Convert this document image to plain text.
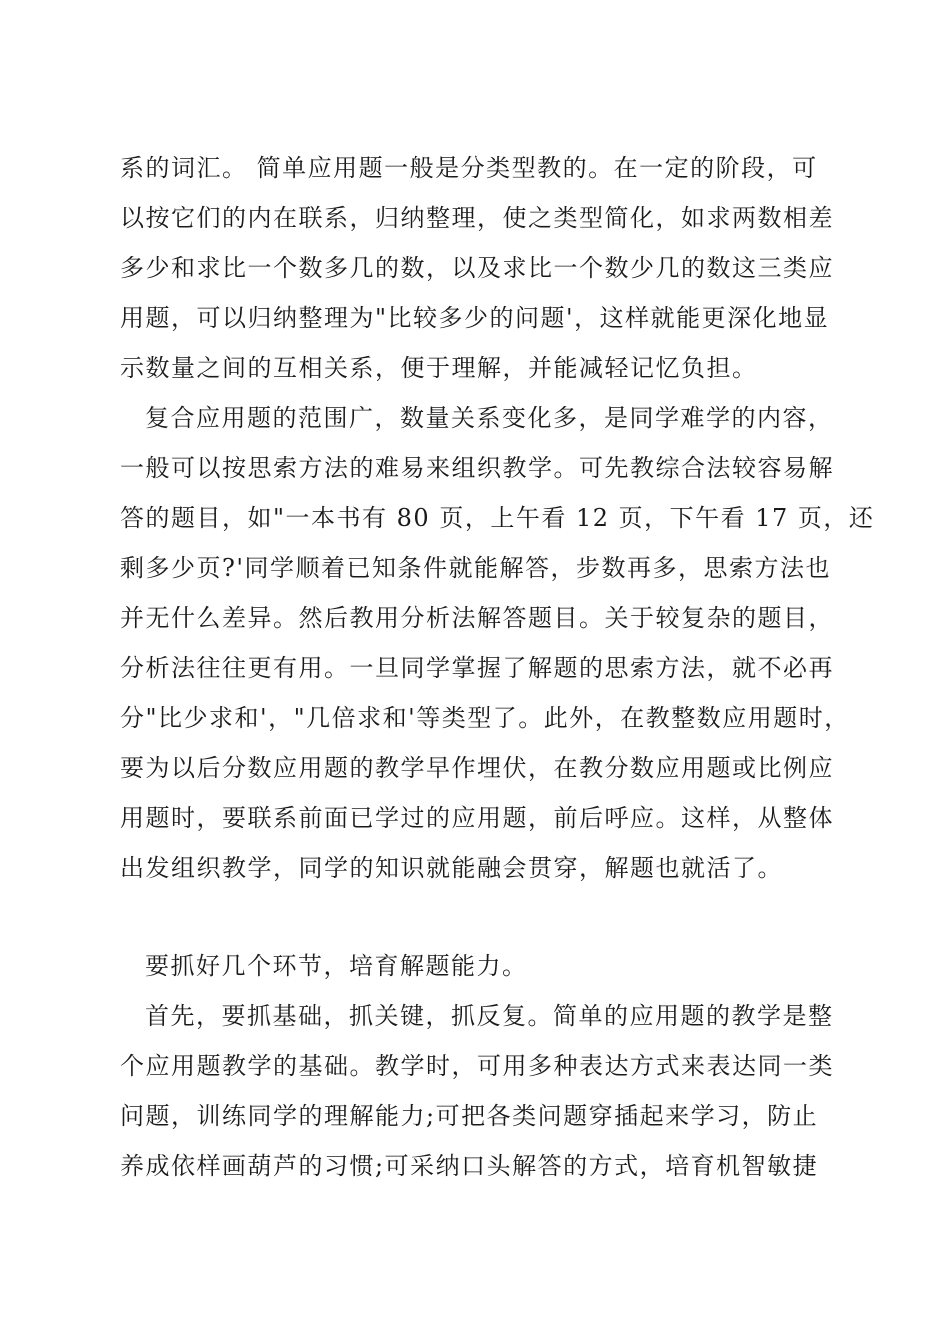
系的词汇。 简单应用题一般是分类型教的。在一定的阶段，可
以按它们的内在联系，归纳整理，使之类型简化，如求两数相差
多少和求比一个数多几的数，以及求比一个数少几的数这三类应
用题，可以归纳整理为"比较多少的问题'，这样就能更深化地显
示数量之间的互相关系，便于理解，并能减轻记忆负担。
复合应用题的范围广，数量关系变化多，是同学难学的内容，
一般可以按思索方法的难易来组织教学。可先教综合法较容易解
答的题目，如"一本书有 80 页，上午看 12 页，下午看 17 页，还
剩多少页?'同学顺着已知条件就能解答，步数再多，思索方法也
并无什么差异。然后教用分析法解答题目。关于较复杂的题目，
分析法往往更有用。一旦同学掌握了解题的思索方法，就不必再
分"比少求和'，"几倍求和'等类型了。此外，在教整数应用题时，
要为以后分数应用题的教学早作埋伏，在教分数应用题或比例应
用题时，要联系前面已学过的应用题，前后呼应。这样，从整体
出发组织教学，同学的知识就能融会贯穿，解题也就活了。
要抓好几个环节，培育解题能力。
首先，要抓基础，抓关键，抓反复。简单的应用题的教学是整
个应用题教学的基础。教学时，可用多种表达方式来表达同一类
问题，训练同学的理解能力;可把各类问题穿插起来学习，防止
养成依样画葫芦的习惯;可采纳口头解答的方式，培育机智敏捷
